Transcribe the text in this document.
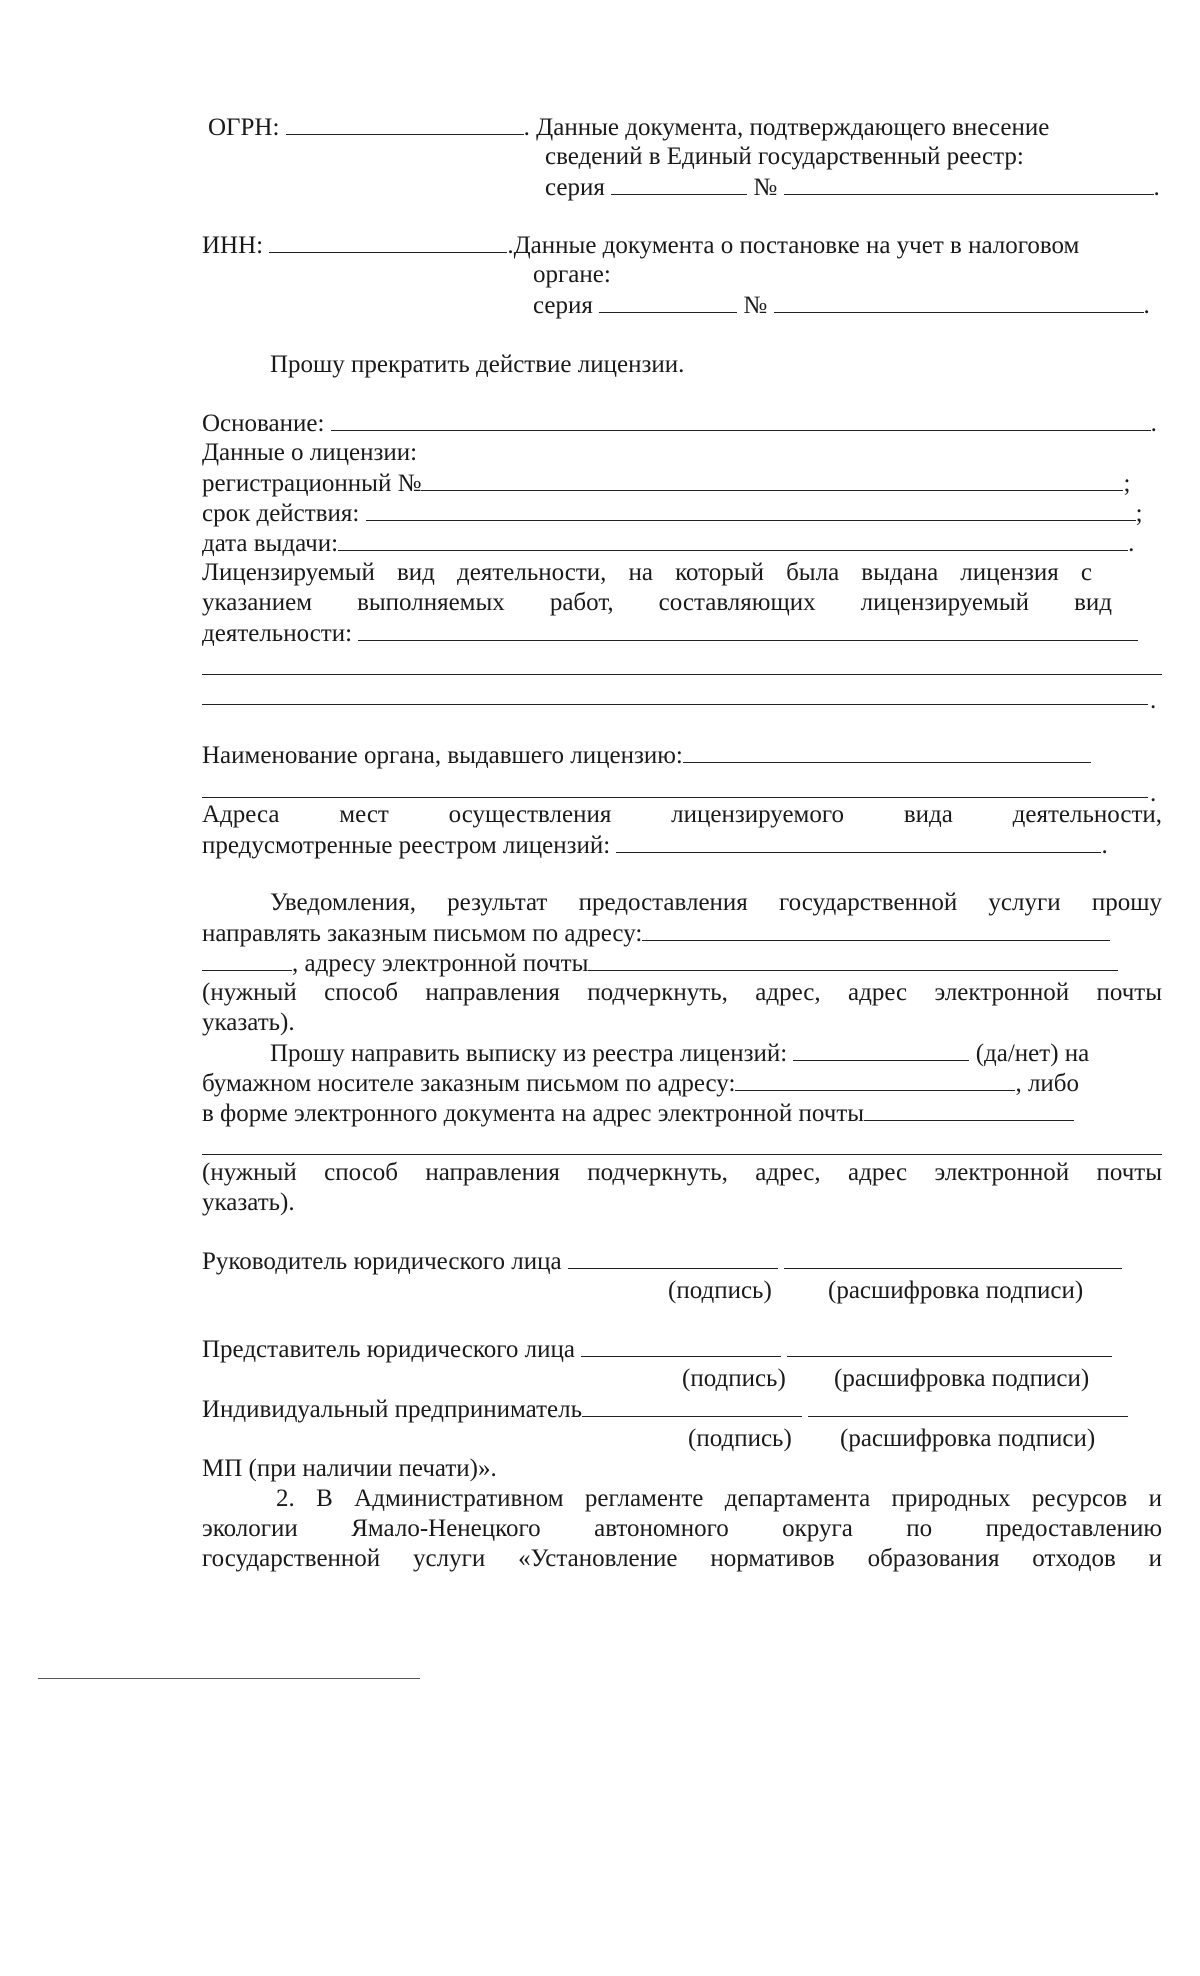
ОГРН:	. Данные документа, подтверждающего внесение
сведений в Единый государственный реестр:
серия	№	.
ИНН:	.Данные документа о постановке на учет в налоговом
органе:
серия	№	.
Прошу прекратить действие лицензии.
Основание:	.
Данные о лицензии:
регистрационный №	;
срок действия:	;
дата выдачи:	.
Лицензируемый вид деятельности, на который была выдана лицензия с
указанием выполняемых работ, составляющих лицензируемый вид
деятельности:
.
Наименование органа, выдавшего лицензию:
.
Адреса мест осуществления лицензируемого вида деятельности,
предусмотренные реестром лицензий:	.
Уведомления, результат предоставления государственной услуги прошу
направлять заказным письмом по адресу:
, адресу электронной почты
(нужный способ направления подчеркнуть, адрес, адрес электронной почты
указать).
Прошу направить выписку из реестра лицензий:	(да/нет) на
бумажном носителе заказным письмом по адресу:	, либо
в форме электронного документа на адрес электронной почты
(нужный способ направления подчеркнуть, адрес, адрес электронной почты
указать).
Руководитель юридического лица
(подпись) (расшифровка подписи)
Представитель юридического лица
(подпись) (расшифровка подписи)
Индивидуальный предприниматель
(подпись) (расшифровка подписи)
МП (при наличии печати)».
2. В Административном регламенте департамента природных ресурсов и
экологии Ямало-Ненецкого автономного округа по предоставлению
государственной услуги «Установление нормативов образования отходов и
